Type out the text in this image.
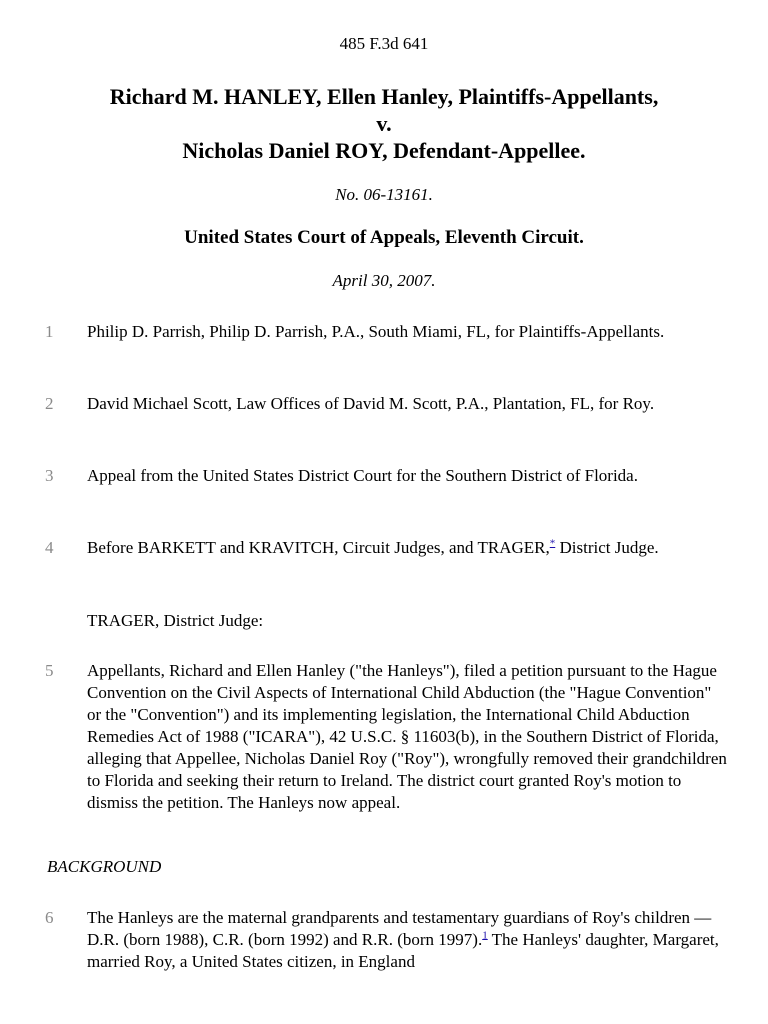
485 F.3d 641
Richard M. HANLEY, Ellen Hanley, Plaintiffs-Appellants,
v.
Nicholas Daniel ROY, Defendant-Appellee.
No. 06-13161.
United States Court of Appeals, Eleventh Circuit.
April 30, 2007.
1 Philip D. Parrish, Philip D. Parrish, P.A., South Miami, FL, for Plaintiffs-Appellants.
2 David Michael Scott, Law Offices of David M. Scott, P.A., Plantation, FL, for Roy.
3 Appeal from the United States District Court for the Southern District of Florida.
4 Before BARKETT and KRAVITCH, Circuit Judges, and TRAGER,* District Judge.
TRAGER, District Judge:
5 Appellants, Richard and Ellen Hanley ("the Hanleys"), filed a petition pursuant to the Hague Convention on the Civil Aspects of International Child Abduction (the "Hague Convention" or the "Convention") and its implementing legislation, the International Child Abduction Remedies Act of 1988 ("ICARA"), 42 U.S.C. § 11603(b), in the Southern District of Florida, alleging that Appellee, Nicholas Daniel Roy ("Roy"), wrongfully removed their grandchildren to Florida and seeking their return to Ireland. The district court granted Roy's motion to dismiss the petition. The Hanleys now appeal.
BACKGROUND
6 The Hanleys are the maternal grandparents and testamentary guardians of Roy's children — D.R. (born 1988), C.R. (born 1992) and R.R. (born 1997).$^1$ The Hanleys' daughter, Margaret, married Roy, a United States citizen, in England
